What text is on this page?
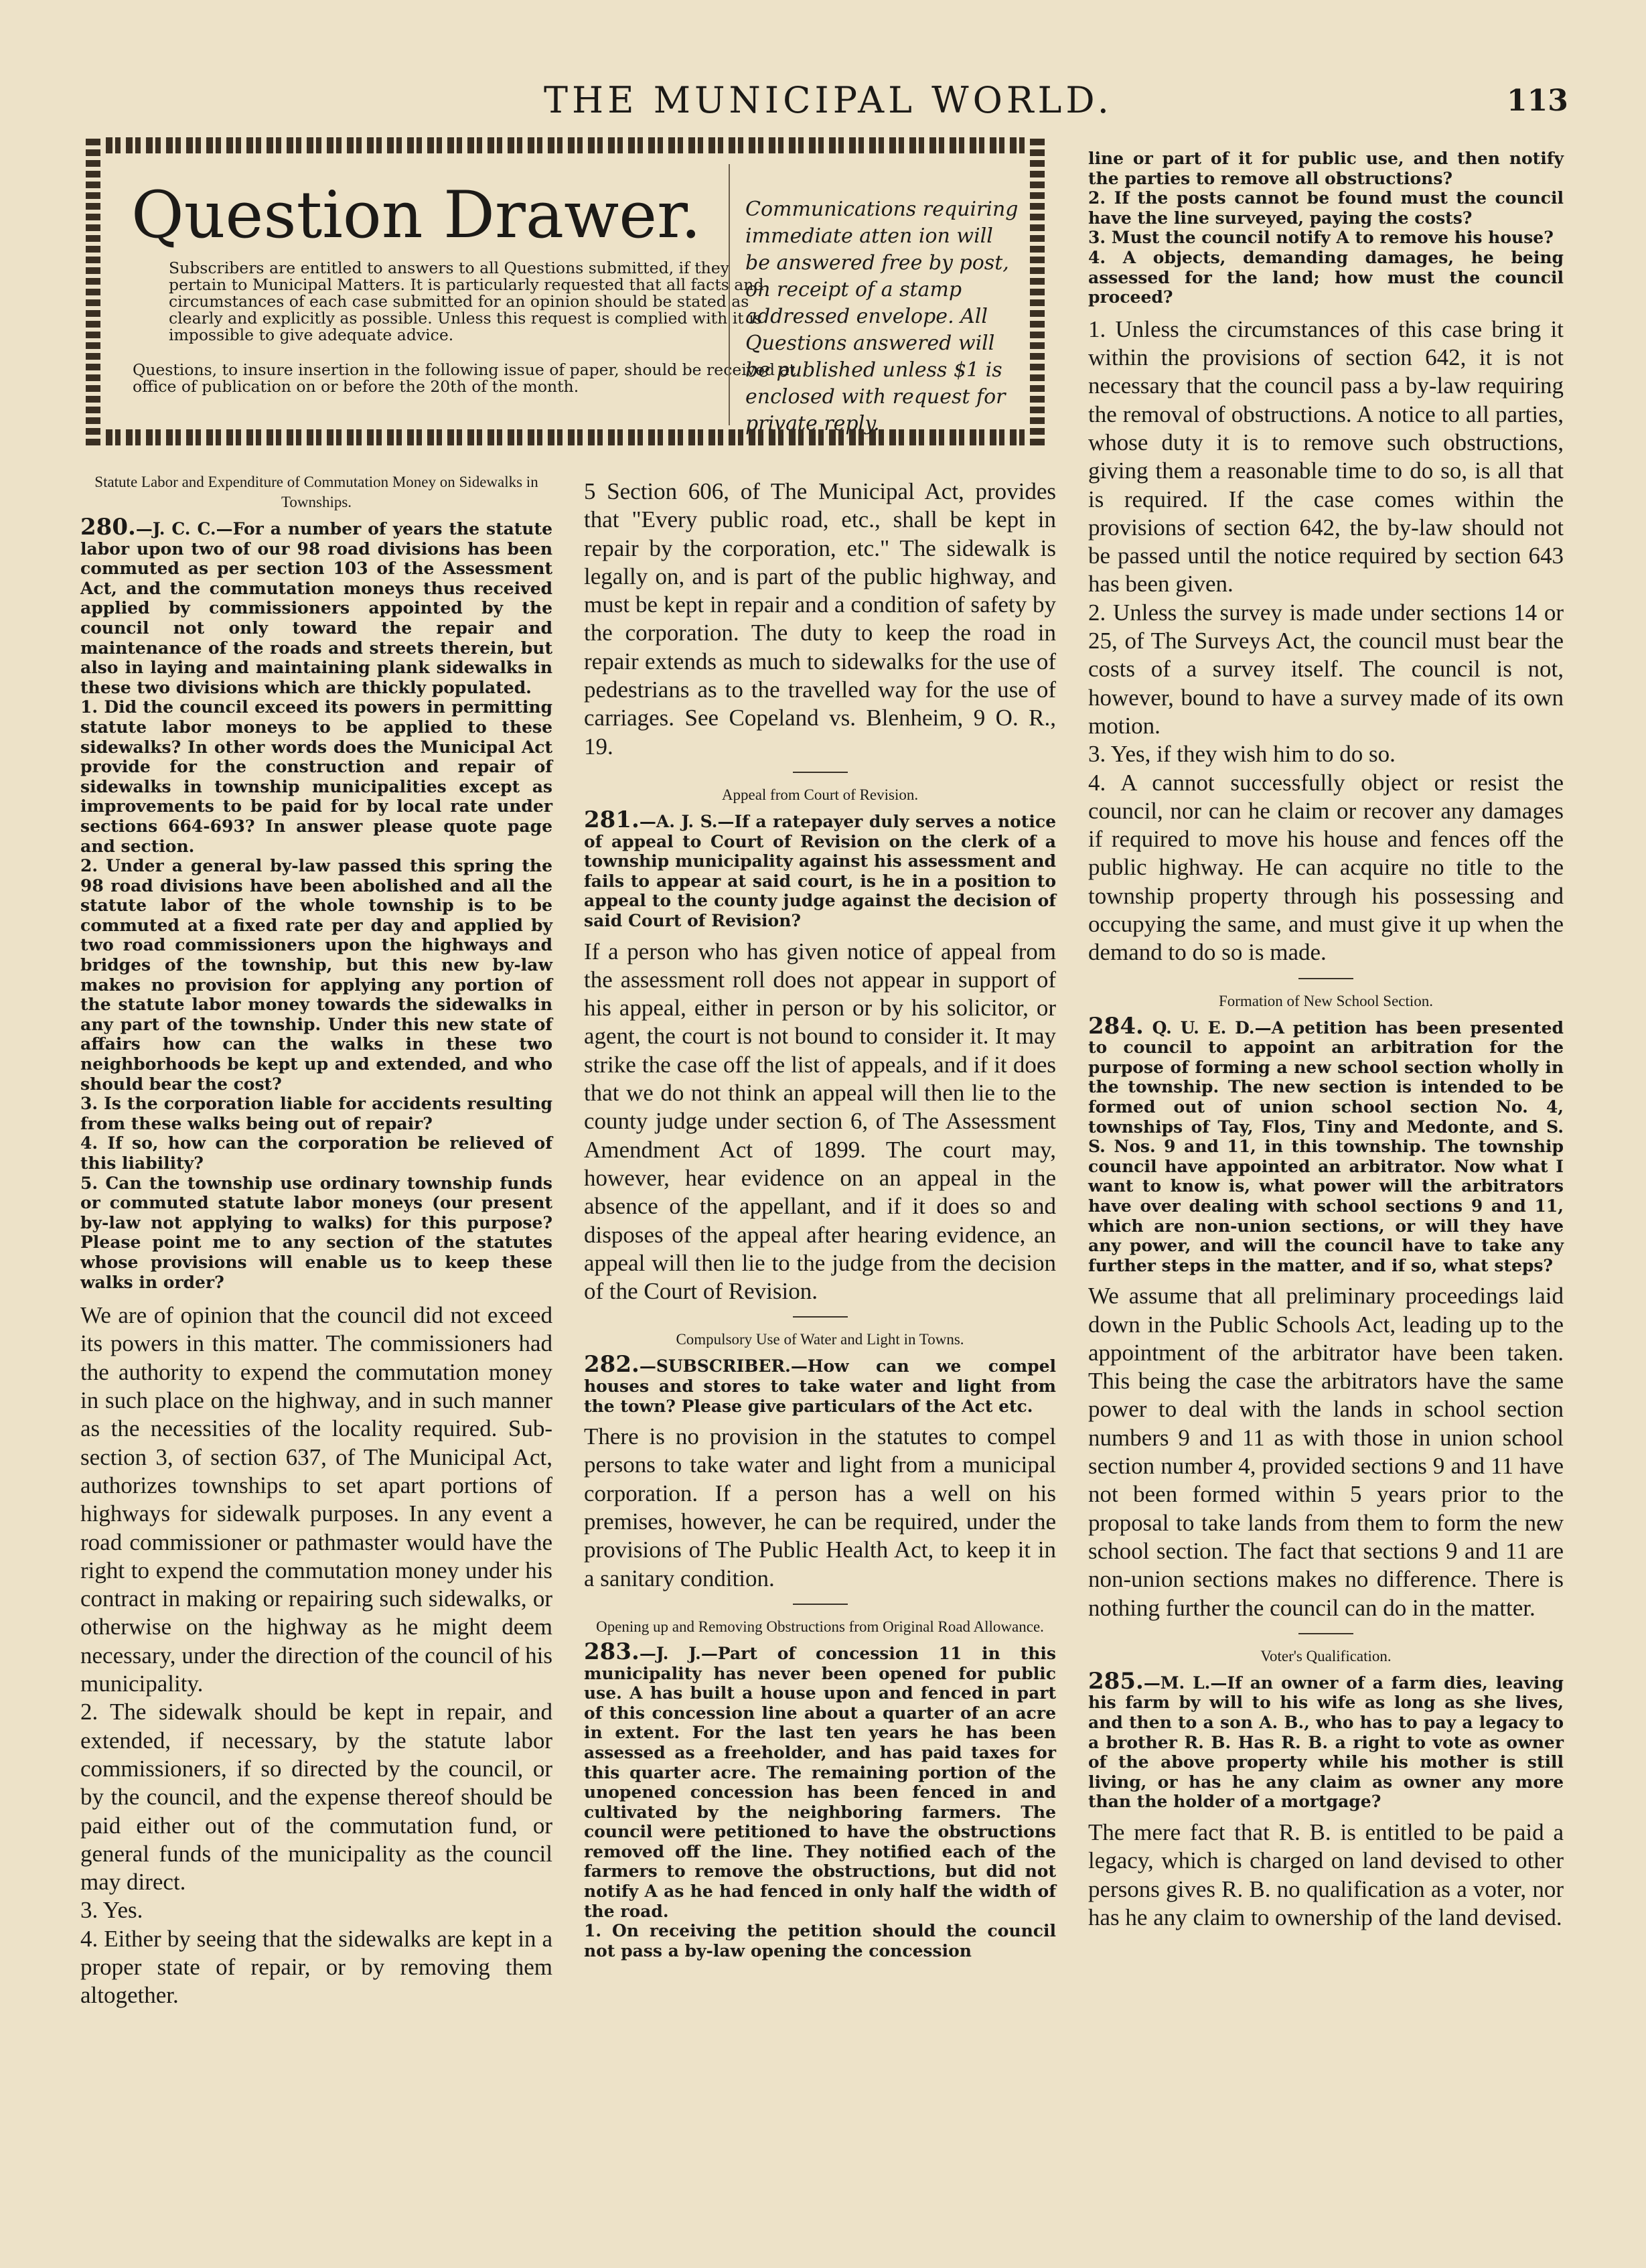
THE MUNICIPAL WORLD.	113
Question Drawer.
Subscribers are entitled to answers to all Questions submitted, if they pertain to Municipal Matters. It is particularly requested that all facts and circumstances of each case submitted for an opinion should be stated as clearly and explicitly as possible. Unless this request is complied with it is impossible to give adequate advice.
Questions, to insure insertion in the following issue of paper, should be received at office of publication on or before the 20th of the month.
Communications requiring immediate atten ion will be answered free by post, on receipt of a stamp addressed envelope. All Questions answered will be published unless $1 is enclosed with request for private reply.

Statute Labor and Expenditure of Commutation Money on Sidewalks in Townships.

280.—J. C. C.—For a number of years the statute labor upon two of our 98 road divisions has been commuted as per section 103 of the Assessment Act, and the commutation moneys thus received applied by commissioners appointed by the council not only toward the repair and maintenance of the roads and streets therein, but also in laying and maintaining plank sidewalks in these two divisions which are thickly populated.

1. Did the council exceed its powers in permitting statute labor moneys to be applied to these sidewalks? In other words does the Municipal Act provide for the construction and repair of sidewalks in township municipalities except as improvements to be paid for by local rate under sections 664-693? In answer please quote page and section.

2. Under a general by-law passed this spring the 98 road divisions have been abolished and all the statute labor of the whole township is to be commuted at a fixed rate per day and applied by two road commissioners upon the highways and bridges of the township, but this new by-law makes no provision for applying any portion of the statute labor money towards the sidewalks in any part of the township. Under this new state of affairs how can the walks in these two neighborhoods be kept up and extended, and who should bear the cost?

3. Is the corporation liable for accidents resulting from these walks being out of repair?

4. If so, how can the corporation be relieved of this liability?

5. Can the township use ordinary township funds or commuted statute labor moneys (our present by-law not applying to walks) for this purpose? Please point me to any section of the statutes whose provisions will enable us to keep these walks in order?

We are of opinion that the council did not exceed its powers in this matter. The commissioners had the authority to expend the commutation money in such place on the highway, and in such manner as the necessities of the locality required. Sub-section 3, of section 637, of The Municipal Act, authorizes townships to set apart portions of highways for sidewalk purposes. In any event a road commissioner or pathmaster would have the right to expend the commutation money under his contract in making or repairing such sidewalks, or otherwise on the highway as he might deem necessary, under the direction of the council of his municipality.

2. The sidewalk should be kept in repair, and extended, if necessary, by the statute labor commissioners, if so directed by the council, or by the council, and the expense thereof should be paid either out of the commutation fund, or general funds of the municipality as the council may direct.

3. Yes.

4. Either by seeing that the sidewalks are kept in a proper state of repair, or by removing them altogether.

5 Section 606, of The Municipal Act, provides that "Every public road, etc., shall be kept in repair by the corporation, etc." The sidewalk is legally on, and is part of the public highway, and must be kept in repair and a condition of safety by the corporation. The duty to keep the road in repair extends as much to sidewalks for the use of pedestrians as to the travelled way for the use of carriages. See Copeland vs. Blenheim, 9 O. R., 19.

Appeal from Court of Revision.

281.—A. J. S.—If a ratepayer duly serves a notice of appeal to Court of Revision on the clerk of a township municipality against his assessment and fails to appear at said court, is he in a position to appeal to the county judge against the decision of said Court of Revision?

If a person who has given notice of appeal from the assessment roll does not appear in support of his appeal, either in person or by his solicitor, or agent, the court is not bound to consider it. It may strike the case off the list of appeals, and if it does that we do not think an appeal will then lie to the county judge under section 6, of The Assessment Amendment Act of 1899. The court may, however, hear evidence on an appeal in the absence of the appellant, and if it does so and disposes of the appeal after hearing evidence, an appeal will then lie to the judge from the decision of the Court of Revision.

Compulsory Use of Water and Light in Towns.

282.—SUBSCRIBER.—How can we compel houses and stores to take water and light from the town? Please give particulars of the Act etc.

There is no provision in the statutes to compel persons to take water and light from a municipal corporation. If a person has a well on his premises, however, he can be required, under the provisions of The Public Health Act, to keep it in a sanitary condition.

Opening up and Removing Obstructions from Original Road Allowance.

283.—J. J.—Part of concession 11 in this municipality has never been opened for public use. A has built a house upon and fenced in part of this concession line about a quarter of an acre in extent. For the last ten years he has been assessed as a freeholder, and has paid taxes for this quarter acre. The remaining portion of the unopened concession has been fenced in and cultivated by the neighboring farmers. The council were petitioned to have the obstructions removed off the line. They notified each of the farmers to remove the obstructions, but did not notify A as he had fenced in only half the width of the road.

1. On receiving the petition should the council not pass a by-law opening the concession

line or part of it for public use, and then notify the parties to remove all obstructions?

2. If the posts cannot be found must the council have the line surveyed, paying the costs?

3. Must the council notify A to remove his house?

4. A objects, demanding damages, he being assessed for the land; how must the council proceed?

1. Unless the circumstances of this case bring it within the provisions of section 642, it is not necessary that the council pass a by-law requiring the removal of obstructions. A notice to all parties, whose duty it is to remove such obstructions, giving them a reasonable time to do so, is all that is required. If the case comes within the provisions of section 642, the by-law should not be passed until the notice required by section 643 has been given.

2. Unless the survey is made under sections 14 or 25, of The Surveys Act, the council must bear the costs of a survey itself. The council is not, however, bound to have a survey made of its own motion.

3. Yes, if they wish him to do so.

4. A cannot successfully object or resist the council, nor can he claim or recover any damages if required to move his house and fences off the public highway. He can acquire no title to the township property through his possessing and occupying the same, and must give it up when the demand to do so is made.

Formation of New School Section.

284. Q. U. E. D.—A petition has been presented to council to appoint an arbitration for the purpose of forming a new school section wholly in the township. The new section is intended to be formed out of union school section No. 4, townships of Tay, Flos, Tiny and Medonte, and S. S. Nos. 9 and 11, in this township. The township council have appointed an arbitrator. Now what I want to know is, what power will the arbitrators have over dealing with school sections 9 and 11, which are non-union sections, or will they have any power, and will the council have to take any further steps in the matter, and if so, what steps?

We assume that all preliminary proceedings laid down in the Public Schools Act, leading up to the appointment of the arbitrator have been taken. This being the case the arbitrators have the same power to deal with the lands in school section numbers 9 and 11 as with those in union school section number 4, provided sections 9 and 11 have not been formed within 5 years prior to the proposal to take lands from them to form the new school section. The fact that sections 9 and 11 are non-union sections makes no difference. There is nothing further the council can do in the matter.

Voter's Qualification.

285.—M. L.—If an owner of a farm dies, leaving his farm by will to his wife as long as she lives, and then to a son A. B., who has to pay a legacy to a brother R. B. Has R. B. a right to vote as owner of the above property while his mother is still living, or has he any claim as owner any more than the holder of a mortgage?

The mere fact that R. B. is entitled to be paid a legacy, which is charged on land devised to other persons gives R. B. no qualification as a voter, nor has he any claim to ownership of the land devised.
